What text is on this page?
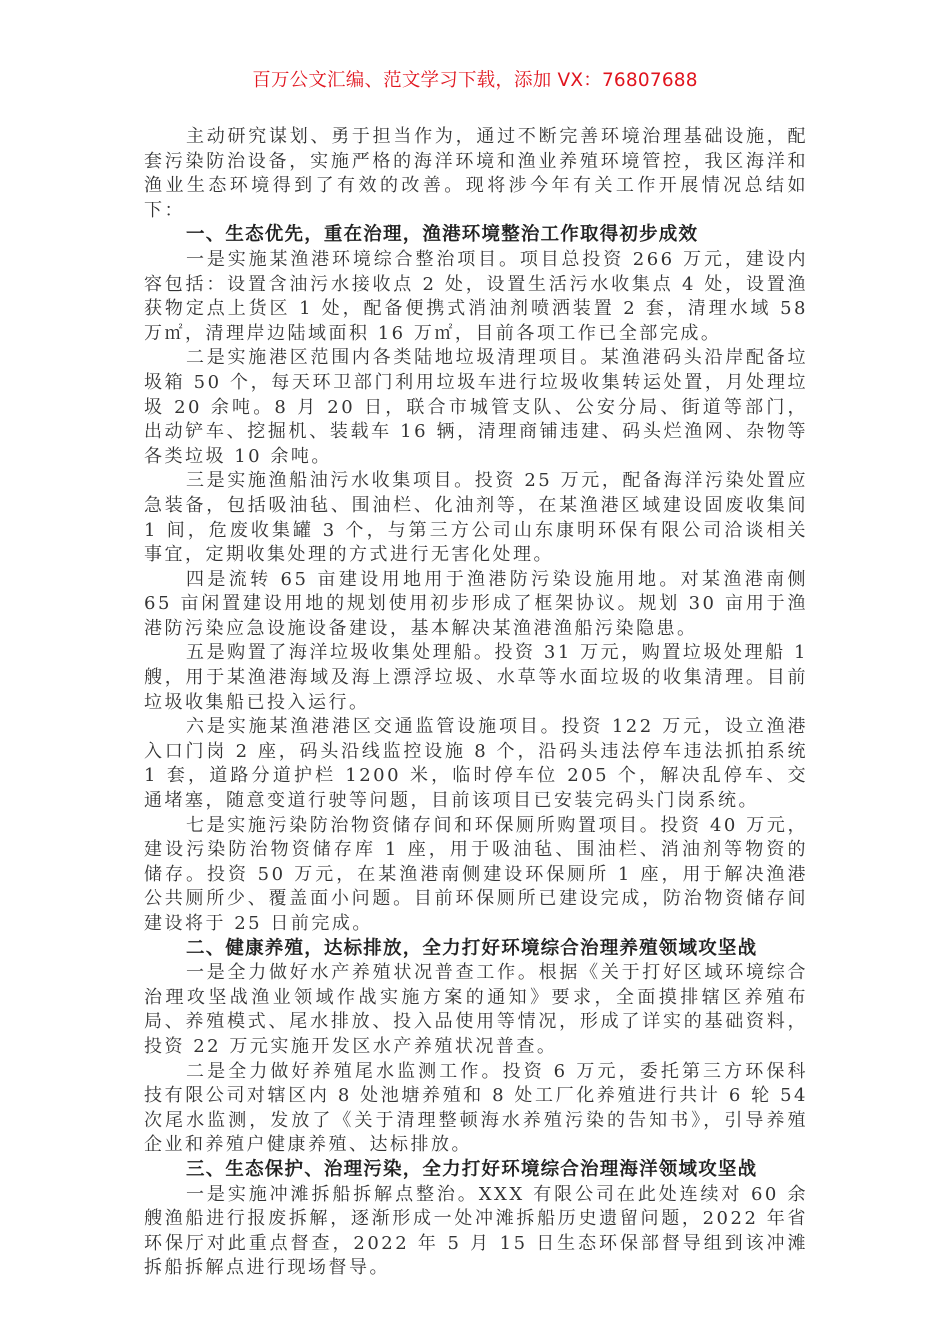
百万公文汇编、范文学习下载，添加 VX：76807688

主动研究谋划、勇于担当作为，通过不断完善环境治理基础设施，配套污染防治设备，实施严格的海洋环境和渔业养殖环境管控，我区海洋和渔业生态环境得到了有效的改善。现将涉今年有关工作开展情况总结如下：

一、生态优先，重在治理，渔港环境整治工作取得初步成效

一是实施某渔港环境综合整治项目。项目总投资 266 万元，建设内容包括：设置含油污水接收点 2 处，设置生活污水收集点 4 处，设置渔获物定点上货区 1 处，配备便携式消油剂喷洒装置 2 套，清理水域 58 万㎡，清理岸边陆域面积 16 万㎡，目前各项工作已全部完成。

二是实施港区范围内各类陆地垃圾清理项目。某渔港码头沿岸配备垃圾箱 50 个，每天环卫部门利用垃圾车进行垃圾收集转运处置，月处理垃圾 20 余吨。8 月 20 日，联合市城管支队、公安分局、街道等部门，出动铲车、挖掘机、装载车 16 辆，清理商铺违建、码头烂渔网、杂物等各类垃圾 10 余吨。

三是实施渔船油污水收集项目。投资 25 万元，配备海洋污染处置应急装备，包括吸油毡、围油栏、化油剂等，在某渔港区域建设固废收集间 1 间，危废收集罐 3 个，与第三方公司山东康明环保有限公司洽谈相关事宜，定期收集处理的方式进行无害化处理。

四是流转 65 亩建设用地用于渔港防污染设施用地。对某渔港南侧 65 亩闲置建设用地的规划使用初步形成了框架协议。规划 30 亩用于渔港防污染应急设施设备建设，基本解决某渔港渔船污染隐患。

五是购置了海洋垃圾收集处理船。投资 31 万元，购置垃圾处理船 1 艘，用于某渔港海域及海上漂浮垃圾、水草等水面垃圾的收集清理。目前垃圾收集船已投入运行。

六是实施某渔港港区交通监管设施项目。投资 122 万元，设立渔港入口门岗 2 座，码头沿线监控设施 8 个，沿码头违法停车违法抓拍系统 1 套，道路分道护栏 1200 米，临时停车位 205 个，解决乱停车、交通堵塞，随意变道行驶等问题，目前该项目已安装完码头门岗系统。

七是实施污染防治物资储存间和环保厕所购置项目。投资 40 万元，建设污染防治物资储存库 1 座，用于吸油毡、围油栏、消油剂等物资的储存。投资 50 万元，在某渔港南侧建设环保厕所 1 座，用于解决渔港公共厕所少、覆盖面小问题。目前环保厕所已建设完成，防治物资储存间建设将于 25 日前完成。

二、健康养殖，达标排放，全力打好环境综合治理养殖领域攻坚战

一是全力做好水产养殖状况普查工作。根据《关于打好区域环境综合治理攻坚战渔业领域作战实施方案的通知》要求，全面摸排辖区养殖布局、养殖模式、尾水排放、投入品使用等情况，形成了详实的基础资料，投资 22 万元实施开发区水产养殖状况普查。

二是全力做好养殖尾水监测工作。投资 6 万元，委托第三方环保科技有限公司对辖区内 8 处池塘养殖和 8 处工厂化养殖进行共计 6 轮 54 次尾水监测，发放了《关于清理整顿海水养殖污染的告知书》，引导养殖企业和养殖户健康养殖、达标排放。

三、生态保护、治理污染，全力打好环境综合治理海洋领域攻坚战

一是实施冲滩拆船拆解点整治。XXX 有限公司在此处连续对 60 余艘渔船进行报废拆解，逐渐形成一处冲滩拆船历史遗留问题，2022 年省环保厅对此重点督查，2022 年 5 月 15 日生态环保部督导组到该冲滩拆船拆解点进行现场督导。
